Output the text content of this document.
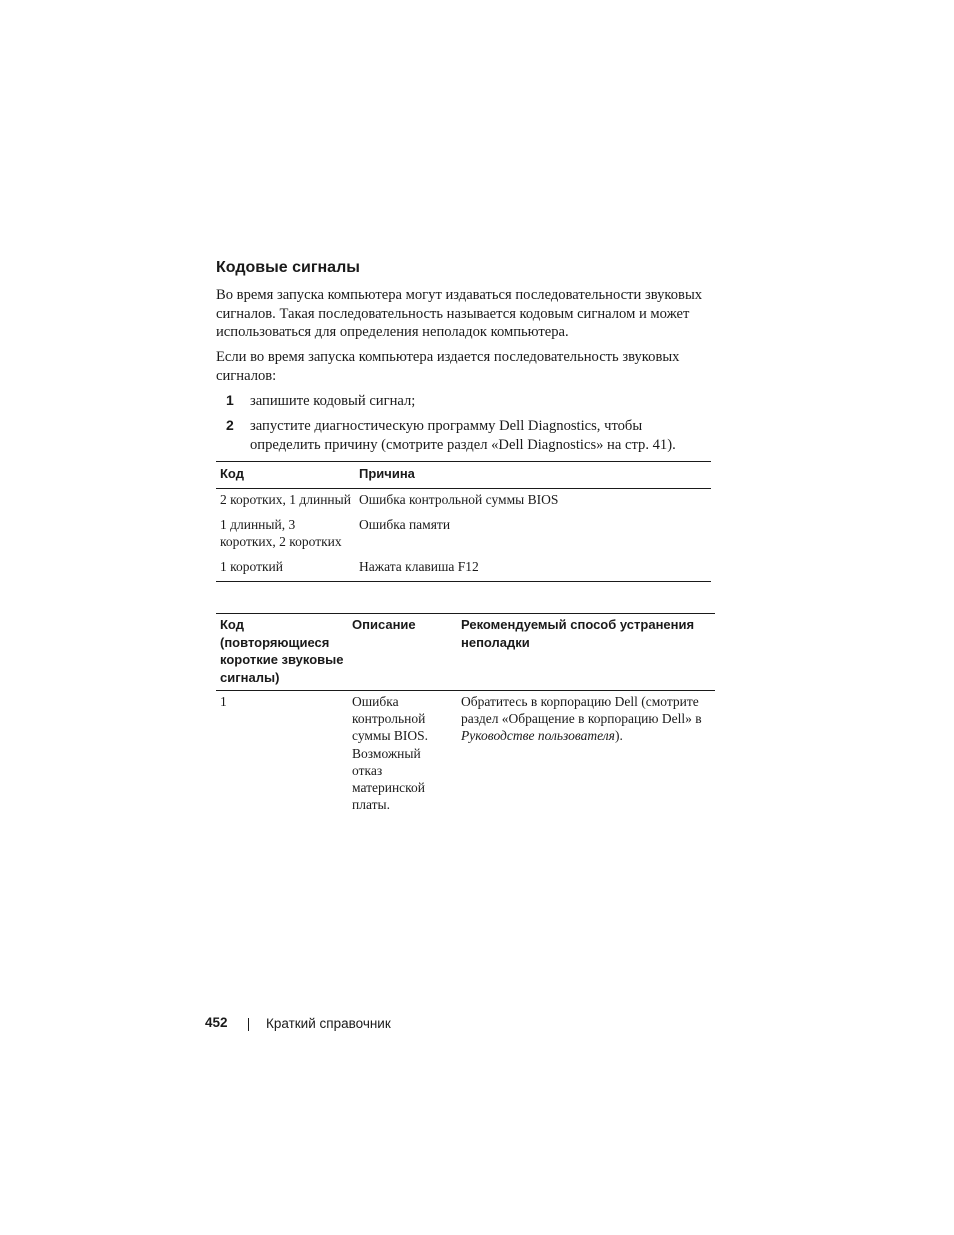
Кодовые сигналы
Во время запуска компьютера могут издаваться последовательности звуковых сигналов. Такая последовательность называется кодовым сигналом и может использоваться для определения неполадок компьютера.
Если во время запуска компьютера издается последовательность звуковых сигналов:
1 запишите кодовый сигнал;
2 запустите диагностическую программу Dell Diagnostics, чтобы определить причину (смотрите раздел «Dell Diagnostics» на стр. 41).
Код	Причина
2 коротких, 1 длинный	Ошибка контрольной суммы BIOS
1 длинный, 3 коротких, 2 коротких	Ошибка памяти
1 короткий	Нажата клавиша F12
Код (повторяющиеся короткие звуковые сигналы)	Описание	Рекомендуемый способ устранения неполадки
1	Ошибка контрольной суммы BIOS. Возможный отказ материнской платы.	Обратитесь в корпорацию Dell (смотрите раздел «Обращение в корпорацию Dell» в Руководстве пользователя).
452	Краткий справочник
